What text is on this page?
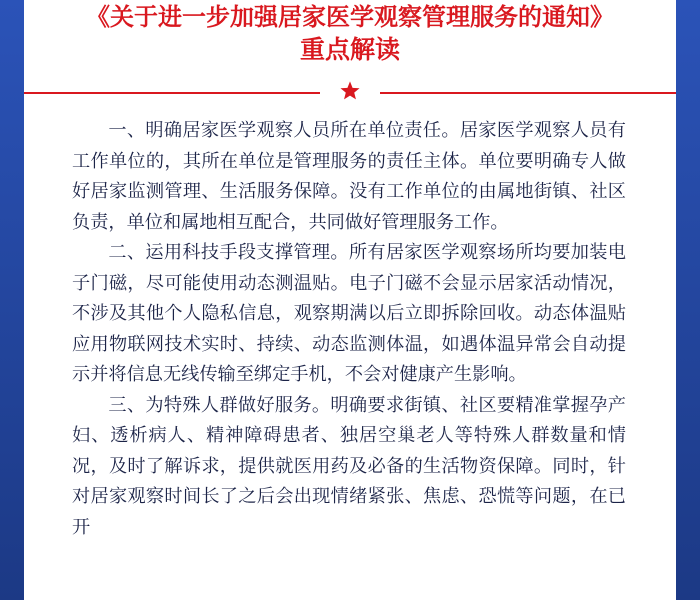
《关于进一步加强居家医学观察管理服务的通知》
重点解读

一、明确居家医学观察人员所在单位责任。居家医学观察人员有工作单位的，其所在单位是管理服务的责任主体。单位要明确专人做好居家监测管理、生活服务保障。没有工作单位的由属地街镇、社区负责，单位和属地相互配合，共同做好管理服务工作。

二、运用科技手段支撑管理。所有居家医学观察场所均要加装电子门磁，尽可能使用动态测温贴。电子门磁不会显示居家活动情况，不涉及其他个人隐私信息，观察期满以后立即拆除回收。动态体温贴应用物联网技术实时、持续、动态监测体温，如遇体温异常会自动提示并将信息无线传输至绑定手机，不会对健康产生影响。

三、为特殊人群做好服务。明确要求街镇、社区要精准掌握孕产妇、透析病人、精神障碍患者、独居空巢老人等特殊人群数量和情况，及时了解诉求，提供就医用药及必备的生活物资保障。同时，针对居家观察时间长了之后会出现情绪紧张、焦虑、恐慌等问题，在已开
